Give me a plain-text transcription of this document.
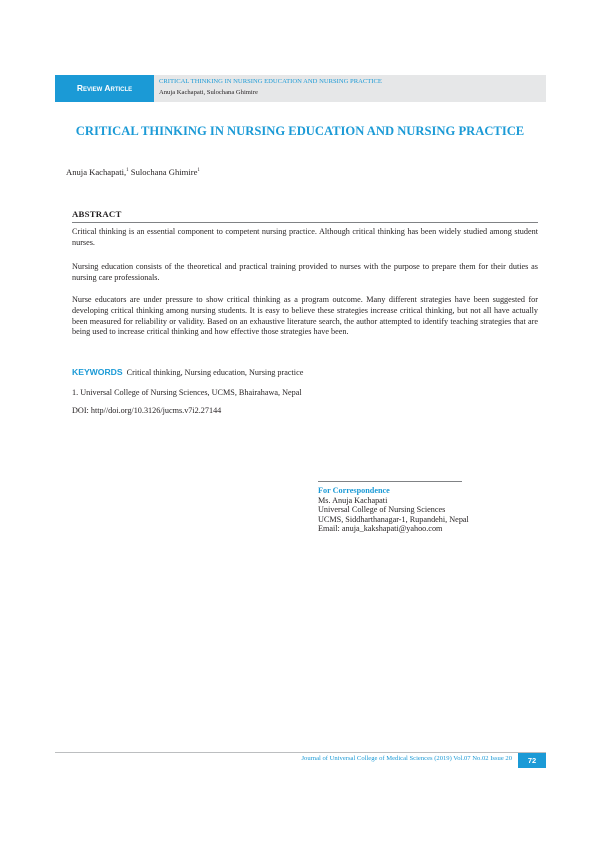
Review Article
CRITICAL THINKING IN NURSING EDUCATION AND NURSING PRACTICE
Anuja Kachapati, Sulochana Ghimire
CRITICAL THINKING IN NURSING EDUCATION AND NURSING PRACTICE
Anuja Kachapati,$^1$ Sulochana Ghimire$^1$
ABSTRACT

Critical thinking is an essential component to competent nursing practice. Although critical thinking has been widely studied among student nurses.

Nursing education consists of the theoretical and practical training provided to nurses with the purpose to prepare them for their duties as nursing care professionals.

Nurse educators are under pressure to show critical thinking as a program outcome. Many different strategies have been suggested for developing critical thinking among nursing students. It is easy to believe these strategies increase critical thinking, but not all have actually been measured for reliability or validity. Based on an exhaustive literature search, the author attempted to identify teaching strategies that are being used to increase critical thinking and how effective those strategies have been.

KEYWORDS Critical thinking, Nursing education, Nursing practice
1. Universal College of Nursing Sciences, UCMS, Bhairahawa, Nepal
DOI: http//doi.org/10.3126/jucms.v7i2.27144
For Correspondence
Ms. Anuja Kachapati
Universal College of Nursing Sciences
UCMS, Siddharthanagar-1, Rupandehi, Nepal
Email: anuja_kakshapati@yahoo.com
Journal of Universal College of Medical Sciences (2019) Vol.07 No.02 Issue 20	72
